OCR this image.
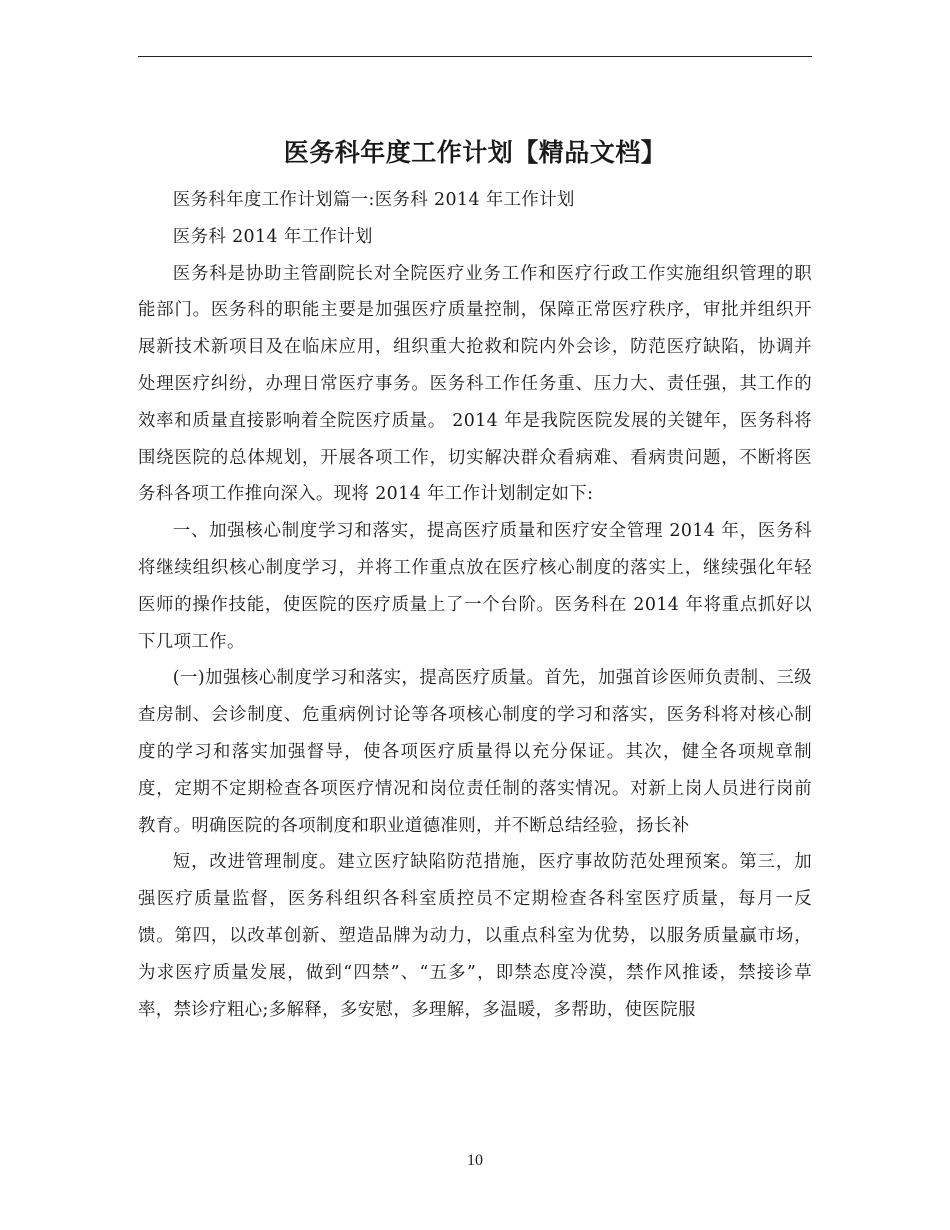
医务科年度工作计划【精品文档】

医务科年度工作计划篇一:医务科 2014 年工作计划

医务科 2014 年工作计划

医务科是协助主管副院长对全院医疗业务工作和医疗行政工作实施组织管理的职能部门。医务科的职能主要是加强医疗质量控制，保障正常医疗秩序，审批并组织开展新技术新项目及在临床应用，组织重大抢救和院内外会诊，防范医疗缺陷，协调并处理医疗纠纷，办理日常医疗事务。医务科工作任务重、压力大、责任强，其工作的效率和质量直接影响着全院医疗质量。 2014 年是我院医院发展的关键年，医务科将围绕医院的总体规划，开展各项工作，切实解决群众看病难、看病贵问题，不断将医务科各项工作推向深入。现将 2014 年工作计划制定如下:

一、加强核心制度学习和落实，提高医疗质量和医疗安全管理 2014 年，医务科将继续组织核心制度学习，并将工作重点放在医疗核心制度的落实上，继续强化年轻医师的操作技能，使医院的医疗质量上了一个台阶。医务科在 2014 年将重点抓好以下几项工作。

(一)加强核心制度学习和落实，提高医疗质量。首先，加强首诊医师负责制、三级查房制、会诊制度、危重病例讨论等各项核心制度的学习和落实，医务科将对核心制度的学习和落实加强督导，使各项医疗质量得以充分保证。其次，健全各项规章制度，定期不定期检查各项医疗情况和岗位责任制的落实情况。对新上岗人员进行岗前教育。明确医院的各项制度和职业道德准则，并不断总结经验，扬长补

短，改进管理制度。建立医疗缺陷防范措施，医疗事故防范处理预案。第三，加强医疗质量监督，医务科组织各科室质控员不定期检查各科室医疗质量，每月一反馈。第四，以改革创新、塑造品牌为动力，以重点科室为优势，以服务质量赢市场，为求医疗质量发展，做到“四禁”、“五多”，即禁态度冷漠，禁作风推诿，禁接诊草率，禁诊疗粗心;多解释，多安慰，多理解，多温暖，多帮助，使医院服

10
